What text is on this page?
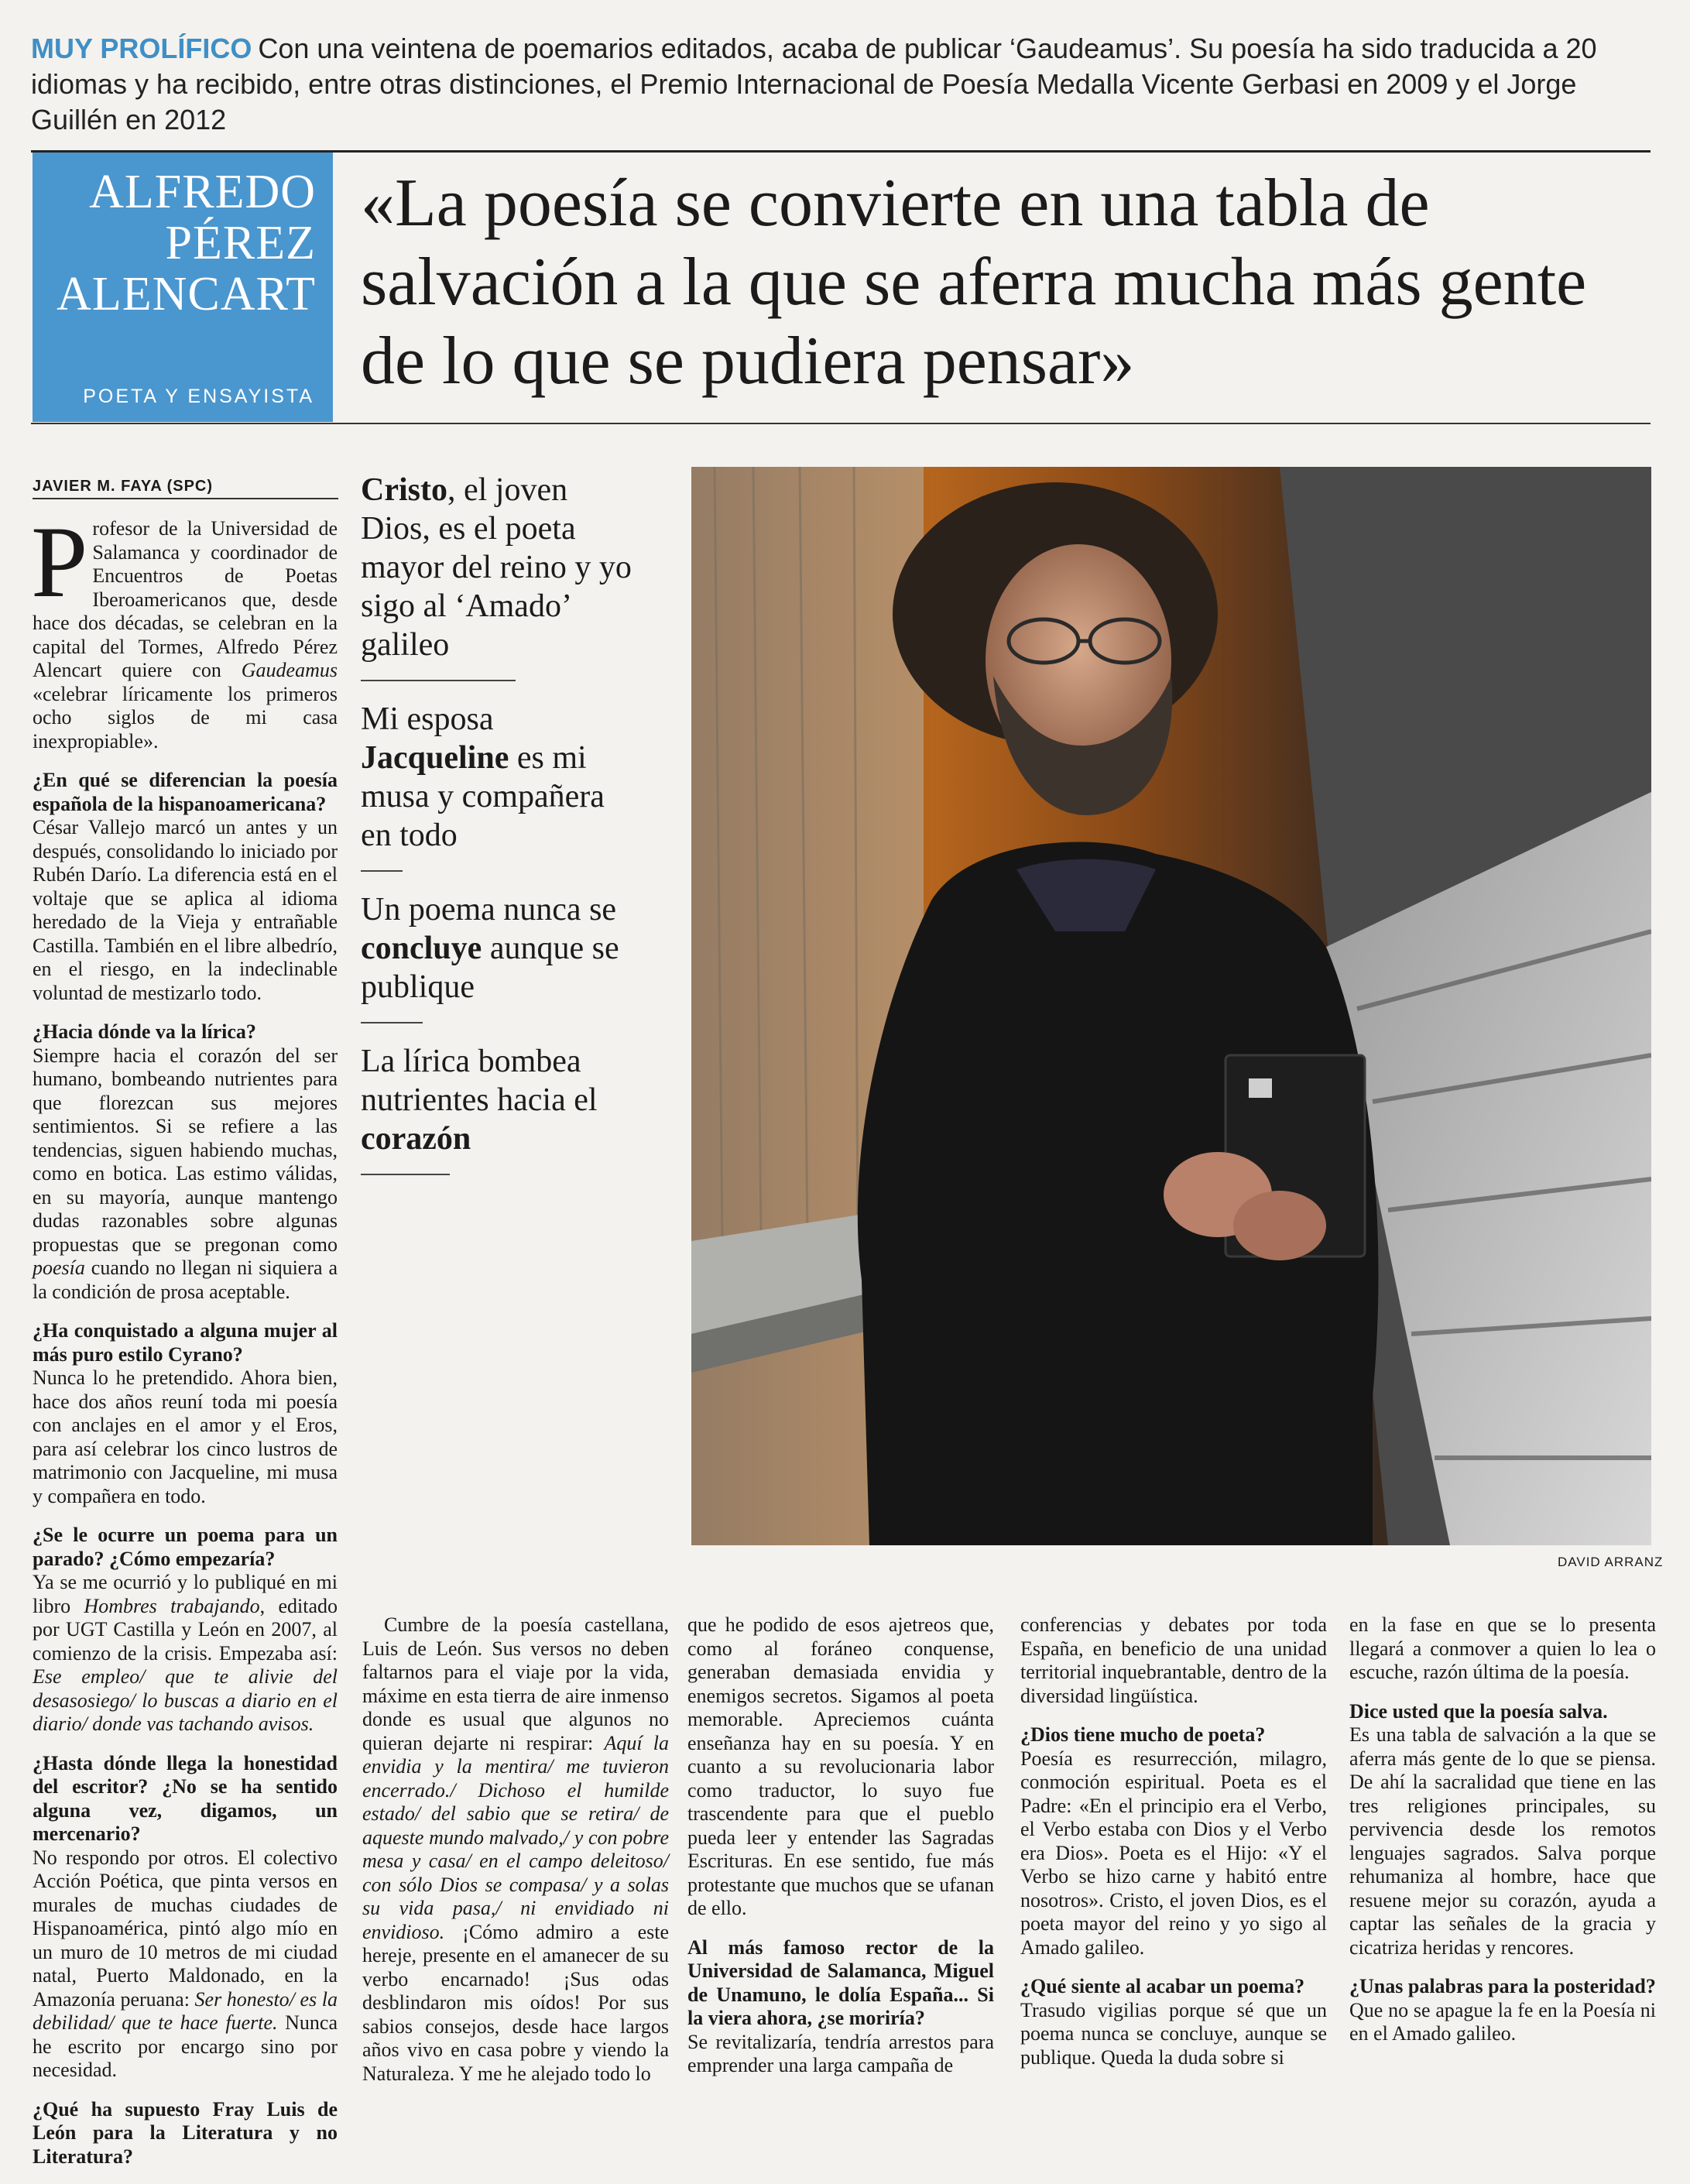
MUY PROLÍFICO Con una veintena de poemarios editados, acaba de publicar ‘Gaudeamus’. Su poesía ha sido traducida a 20 idiomas y ha recibido, entre otras distinciones, el Premio Internacional de Poesía Medalla Vicente Gerbasi en 2009 y el Jorge Guillén en 2012
ALFREDO
PÉREZ
ALENCART
POETA Y ENSAYISTA
«La poesía se convierte en una tabla de salvación a la que se aferra mucha más gente de lo que se pudiera pensar»
JAVIER M. FAYA (SPC)

Profesor de la Universidad de Salamanca y coordinador de Encuentros de Poetas Iberoamericanos que, desde hace dos décadas, se celebran en la capital del Tormes, Alfredo Pérez Alencart quiere con Gaudeamus «celebrar líricamente los primeros ocho siglos de mi casa inexpropiable».

¿En qué se diferencian la poesía española de la hispanoamericana?
César Vallejo marcó un antes y un después, consolidando lo iniciado por Rubén Darío. La diferencia está en el voltaje que se aplica al idioma heredado de la Vieja y entrañable Castilla. También en el libre albedrío, en el riesgo, en la indeclinable voluntad de mestizarlo todo.

¿Hacia dónde va la lírica?
Siempre hacia el corazón del ser humano, bombeando nutrientes para que florezcan sus mejores sentimientos. Si se refiere a las tendencias, siguen habiendo muchas, como en botica. Las estimo válidas, en su mayoría, aunque mantengo dudas razonables sobre algunas propuestas que se pregonan como poesía cuando no llegan ni siquiera a la condición de prosa aceptable.

¿Ha conquistado a alguna mujer al más puro estilo Cyrano?
Nunca lo he pretendido. Ahora bien, hace dos años reuní toda mi poesía con anclajes en el amor y el Eros, para así celebrar los cinco lustros de matrimonio con Jacqueline, mi musa y compañera en todo.

¿Se le ocurre un poema para un parado? ¿Cómo empezaría?
Ya se me ocurrió y lo publiqué en mi libro Hombres trabajando, editado por UGT Castilla y León en 2007, al comienzo de la crisis. Empezaba así: Ese empleo/ que te alivie del desasosiego/ lo buscas a diario en el diario/ donde vas tachando avisos.

¿Hasta dónde llega la honestidad del escritor? ¿No se ha sentido alguna vez, digamos, un mercenario?
No respondo por otros. El colectivo Acción Poética, que pinta versos en murales de muchas ciudades de Hispanoamérica, pintó algo mío en un muro de 10 metros de mi ciudad natal, Puerto Maldonado, en la Amazonía peruana: Ser honesto/ es la debilidad/ que te hace fuerte. Nunca he escrito por encargo sino por necesidad.

¿Qué ha supuesto Fray Luis de León para la Literatura y no Literatura?

Cristo, el joven Dios, es el poeta mayor del reino y yo sigo al ‘Amado’ galileo
Mi esposa Jacqueline es mi musa y compañera en todo
Un poema nunca se concluye aunque se publique
La lírica bombea nutrientes hacia el corazón
DAVID ARRANZ

Cumbre de la poesía castellana, Luis de León. Sus versos no deben faltarnos para el viaje por la vida, máxime en esta tierra de aire inmenso donde es usual que algunos no quieran dejarte ni respirar: Aquí la envidia y la mentira/ me tuvieron encerrado./ Dichoso el humilde estado/ del sabio que se retira/ de aqueste mundo malvado,/ y con pobre mesa y casa/ en el campo deleitoso/ con sólo Dios se compasa/ y a solas su vida pasa,/ ni envidiado ni envidioso. ¡Cómo admiro a este hereje, presente en el amanecer de su verbo encarnado! ¡Sus odas desblindaron mis oídos! Por sus sabios consejos, desde hace largos años vivo en casa pobre y viendo la Naturaleza. Y me he alejado todo lo

que he podido de esos ajetreos que, como al foráneo conquense, generaban demasiada envidia y enemigos secretos. Sigamos al poeta memorable. Apreciemos cuánta enseñanza hay en su poesía. Y en cuanto a su revolucionaria labor como traductor, lo suyo fue trascendente para que el pueblo pueda leer y entender las Sagradas Escrituras. En ese sentido, fue más protestante que muchos que se ufanan de ello.

Al más famoso rector de la Universidad de Salamanca, Miguel de Unamuno, le dolía España... Si la viera ahora, ¿se moriría?
Se revitalizaría, tendría arrestos para emprender una larga campaña de

conferencias y debates por toda España, en beneficio de una unidad territorial inquebrantable, dentro de la diversidad lingüística.

¿Dios tiene mucho de poeta?
Poesía es resurrección, milagro, conmoción espiritual. Poeta es el Padre: «En el principio era el Verbo, el Verbo estaba con Dios y el Verbo era Dios». Poeta es el Hijo: «Y el Verbo se hizo carne y habitó entre nosotros». Cristo, el joven Dios, es el poeta mayor del reino y yo sigo al Amado galileo.

¿Qué siente al acabar un poema?
Trasudo vigilias porque sé que un poema nunca se concluye, aunque se publique. Queda la duda sobre si

en la fase en que se lo presenta llegará a conmover a quien lo lea o escuche, razón última de la poesía.

Dice usted que la poesía salva.
Es una tabla de salvación a la que se aferra más gente de lo que se piensa. De ahí la sacralidad que tiene en las tres religiones principales, su pervivencia desde los remotos lenguajes sagrados. Salva porque rehumaniza al hombre, hace que resuene mejor su corazón, ayuda a captar las señales de la gracia y cicatriza heridas y rencores.

¿Unas palabras para la posteridad?
Que no se apague la fe en la Poesía ni en el Amado galileo.
